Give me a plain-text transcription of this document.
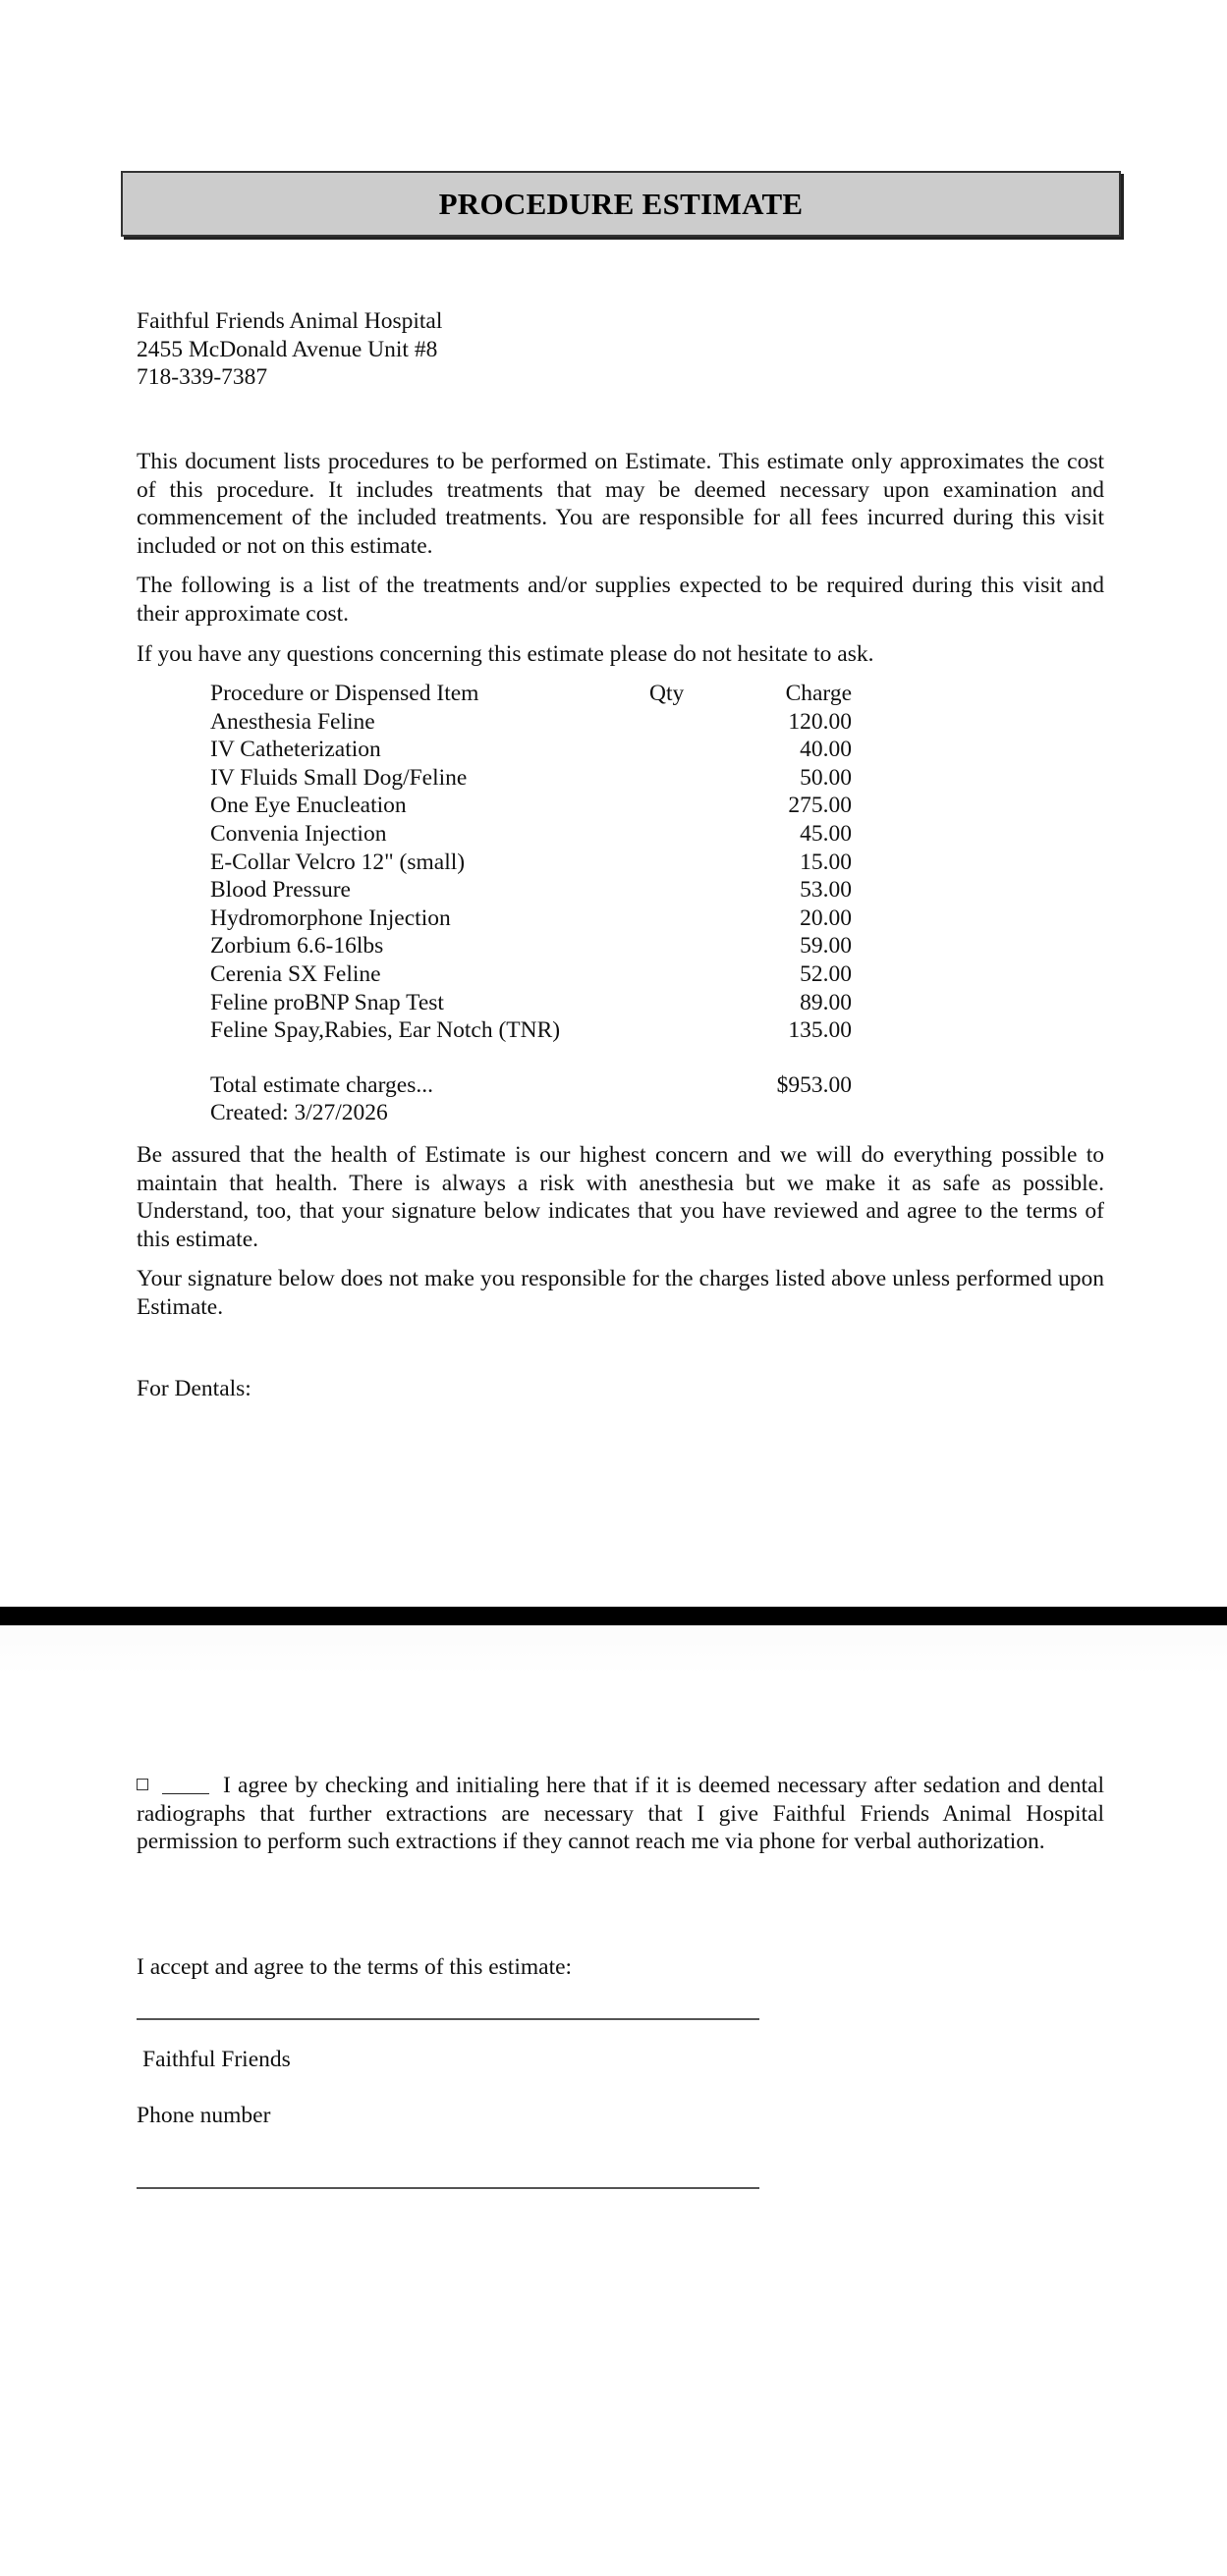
PROCEDURE ESTIMATE
Faithful Friends Animal Hospital
2455 McDonald Avenue Unit #8
718-339-7387
This document lists procedures to be performed on Estimate. This estimate only approximates the cost of this procedure. It includes treatments that may be deemed necessary upon examination and commencement of the included treatments. You are responsible for all fees incurred during this visit included or not on this estimate.
The following is a list of the treatments and/or supplies expected to be required during this visit and their approximate cost.
If you have any questions concerning this estimate please do not hesitate to ask.
Procedure or Dispensed Item	Qty	Charge
Anesthesia Feline	120.00
IV Catheterization	40.00
IV Fluids Small Dog/Feline	50.00
One Eye Enucleation	275.00
Convenia Injection	45.00
E-Collar Velcro 12" (small)	15.00
Blood Pressure	53.00
Hydromorphone Injection	20.00
Zorbium 6.6-16lbs	59.00
Cerenia SX Feline	52.00
Feline proBNP Snap Test	89.00
Feline Spay,Rabies, Ear Notch (TNR)	135.00
Total estimate charges...	$953.00
Created: 3/27/2026
Be assured that the health of Estimate is our highest concern and we will do everything possible to maintain that health. There is always a risk with anesthesia but we make it as safe as possible. Understand, too, that your signature below indicates that you have reviewed and agree to the terms of this estimate.
Your signature below does not make you responsible for the charges listed above unless performed upon Estimate.
For Dentals:
I agree by checking and initialing here that if it is deemed necessary after sedation and dental radiographs that further extractions are necessary that I give Faithful Friends Animal Hospital permission to perform such extractions if they cannot reach me via phone for verbal authorization.
I accept and agree to the terms of this estimate:
Faithful Friends
Phone number
